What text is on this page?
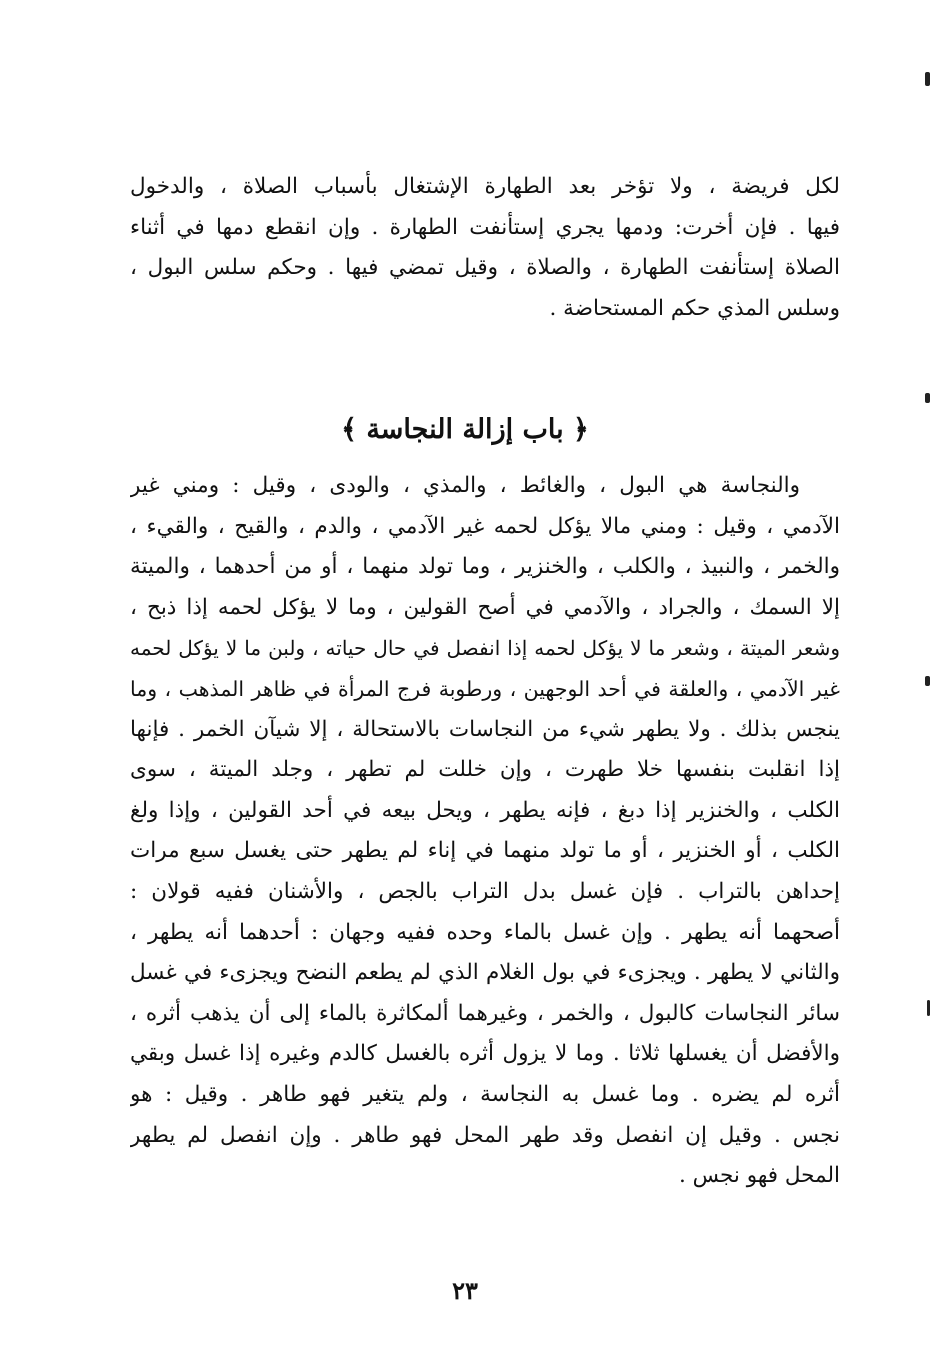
لكل فريضة ، ولا تؤخر بعد الطهارة الإشتغال بأسباب الصلاة ، والدخول
فيها . فإن أخرت: ودمها يجري إستأنفت الطهارة . وإن انقطع دمها في أثناء
الصلاة إستأنفت الطهارة ، والصلاة ، وقيل تمضي فيها . وحكم سلس البول ،
وسلس المذي حكم المستحاضة .
﴿ باب إزالة النجاسة ﴾
والنجاسة هي البول ، والغائط ، والمذي ، والودى ، وقيل : ومني غير
الآدمي ، وقيل : ومني مالا يؤكل لحمه غير الآدمي ، والدم ، والقيح ، والقيء ،
والخمر ، والنبيذ ، والكلب ، والخنزير ، وما تولد منهما ، أو من أحدهما ، والميتة
إلا السمك ، والجراد ، والآدمي في أصح القولين ، وما لا يؤكل لحمه إذا ذبح ،
وشعر الميتة ، وشعر ما لا يؤكل لحمه إذا انفصل في حال حياته ، ولبن ما لا يؤكل لحمه
غير الآدمي ، والعلقة في أحد الوجهين ، ورطوبة فرج المرأة في ظاهر المذهب ، وما
ينجس بذلك . ولا يطهر شيء من النجاسات بالاستحالة ، إلا شيآن الخمر . فإنها
إذا انقلبت بنفسها خلا طهرت ، وإن خللت لم تطهر ، وجلد الميتة ، سوى
الكلب ، والخنزير إذا دبغ ، فإنه يطهر ، ويحل بيعه في أحد القولين ، وإذا ولغ
الكلب ، أو الخنزير ، أو ما تولد منهما في إناء لم يطهر حتى يغسل سبع مرات
إحداهن بالتراب . فإن غسل بدل التراب بالجص ، والأشنان ففيه قولان :
أصحهما أنه يطهر . وإن غسل بالماء وحده ففيه وجهان : أحدهما أنه يطهر ،
والثاني لا يطهر . ويجزىء في بول الغلام الذي لم يطعم النضح ويجزىء في غسل
سائر النجاسات كالبول ، والخمر ، وغيرهما ألمكاثرة بالماء إلى أن يذهب أثره ،
والأفضل أن يغسلها ثلاثا . وما لا يزول أثره بالغسل كالدم وغيره إذا غسل وبقي
أثره لم يضره . وما غسل به النجاسة ، ولم يتغير فهو طاهر . وقيل : هو
نجس . وقيل إن انفصل وقد طهر المحل فهو طاهر . وإن انفصل لم يطهر
المحل فهو نجس .
٢٣
